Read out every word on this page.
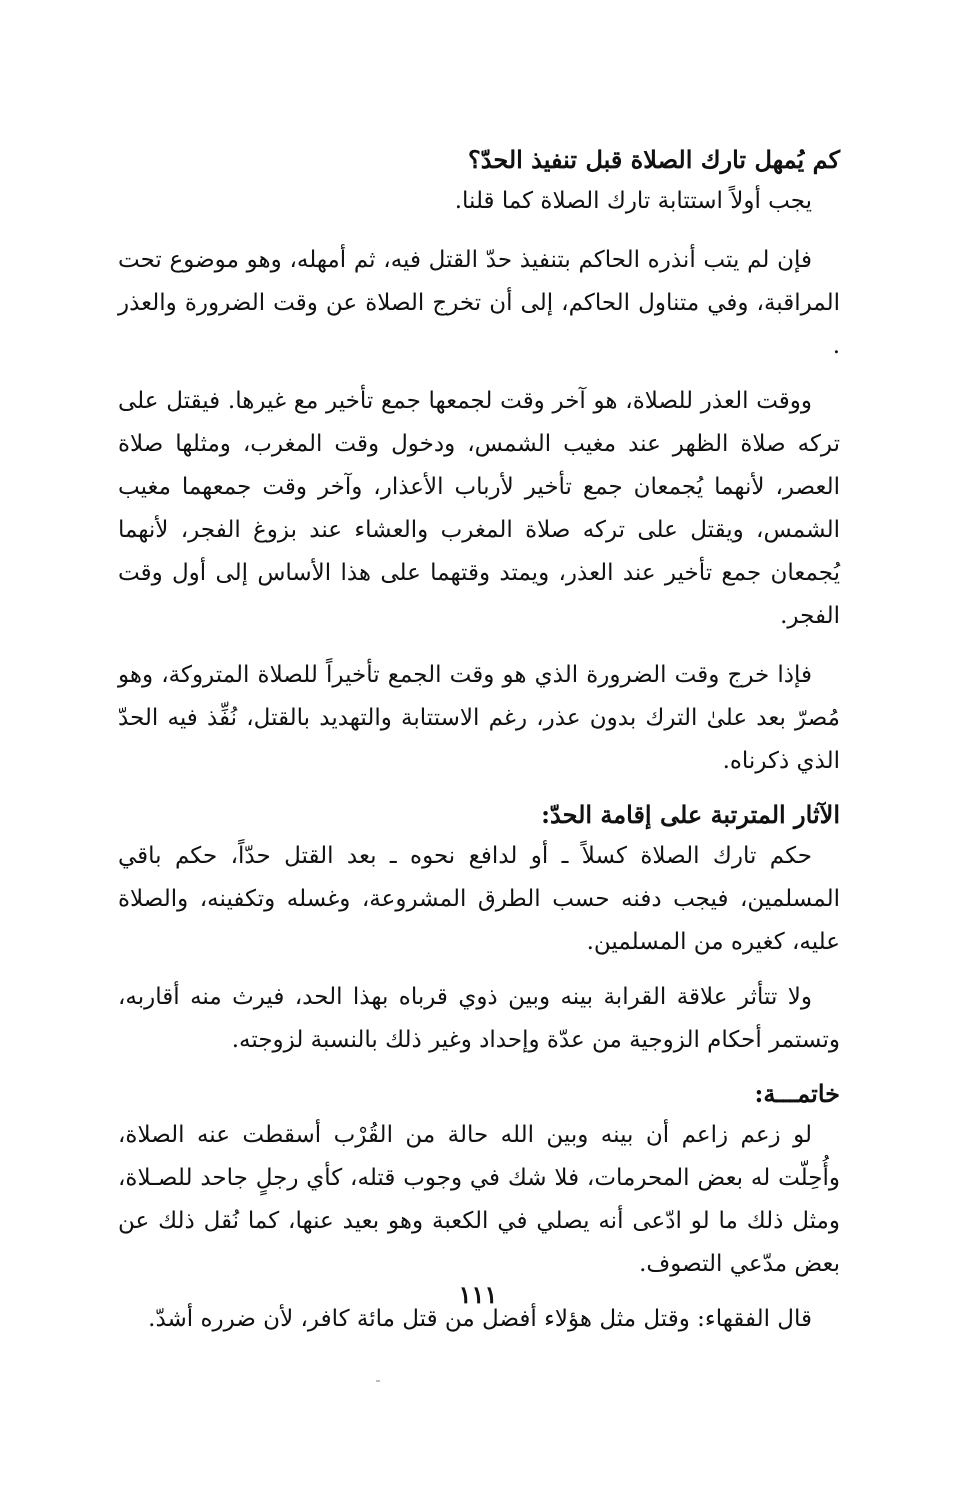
كم يُمهل تارك الصلاة قبل تنفيذ الحدّ؟

يجب أولاً استتابة تارك الصلاة كما قلنا.

فإن لم يتب أنذره الحاكم بتنفيذ حدّ القتل فيه، ثم أمهله، وهو موضوع تحت المراقبة، وفي متناول الحاكم، إلى أن تخرج الصلاة عن وقت الضرورة والعذر .

ووقت العذر للصلاة، هو آخر وقت لجمعها جمع تأخير مع غيرها. فيقتل على تركه صلاة الظهر عند مغيب الشمس، ودخول وقت المغرب، ومثلها صلاة العصر، لأنهما يُجمعان جمع تأخير لأرباب الأعذار، وآخر وقت جمعهما مغيب الشمس، ويقتل على تركه صلاة المغرب والعشاء عند بزوغ الفجر، لأنهما يُجمعان جمع تأخير عند العذر، ويمتد وقتهما على هذا الأساس إلى أول وقت الفجر.

فإذا خرج وقت الضرورة الذي هو وقت الجمع تأخيراً للصلاة المتروكة، وهو مُصرّ بعد علىٰ الترك بدون عذر، رغم الاستتابة والتهديد بالقتل، نُفِّذ فيه الحدّ الذي ذكرناه.

الآثار المترتبة على إقامة الحدّ:

حكم تارك الصلاة كسلاً ـ أو لدافع نحوه ـ بعد القتل حدّاً، حكم باقي المسلمين، فيجب دفنه حسب الطرق المشروعة، وغسله وتكفينه، والصلاة عليه، كغيره من المسلمين.

ولا تتأثر علاقة القرابة بينه وبين ذوي قرباه بهذا الحد، فيرث منه أقاربه، وتستمر أحكام الزوجية من عدّة وإحداد وغير ذلك بالنسبة لزوجته.

خاتمـــة:

لو زعم زاعم أن بينه وبين الله حالة من القُرْب أسقطت عنه الصلاة، وأُحِلّت له بعض المحرمات، فلا شك في وجوب قتله، كأي رجلٍ جاحد للصـلاة، ومثل ذلك ما لو ادّعى أنه يصلي في الكعبة وهو بعيد عنها، كما نُقل ذلك عن بعض مدّعي التصوف.

قال الفقهاء: وقتل مثل هؤلاء أفضل من قتل مائة كافر، لأن ضرره أشدّ.

١١١
